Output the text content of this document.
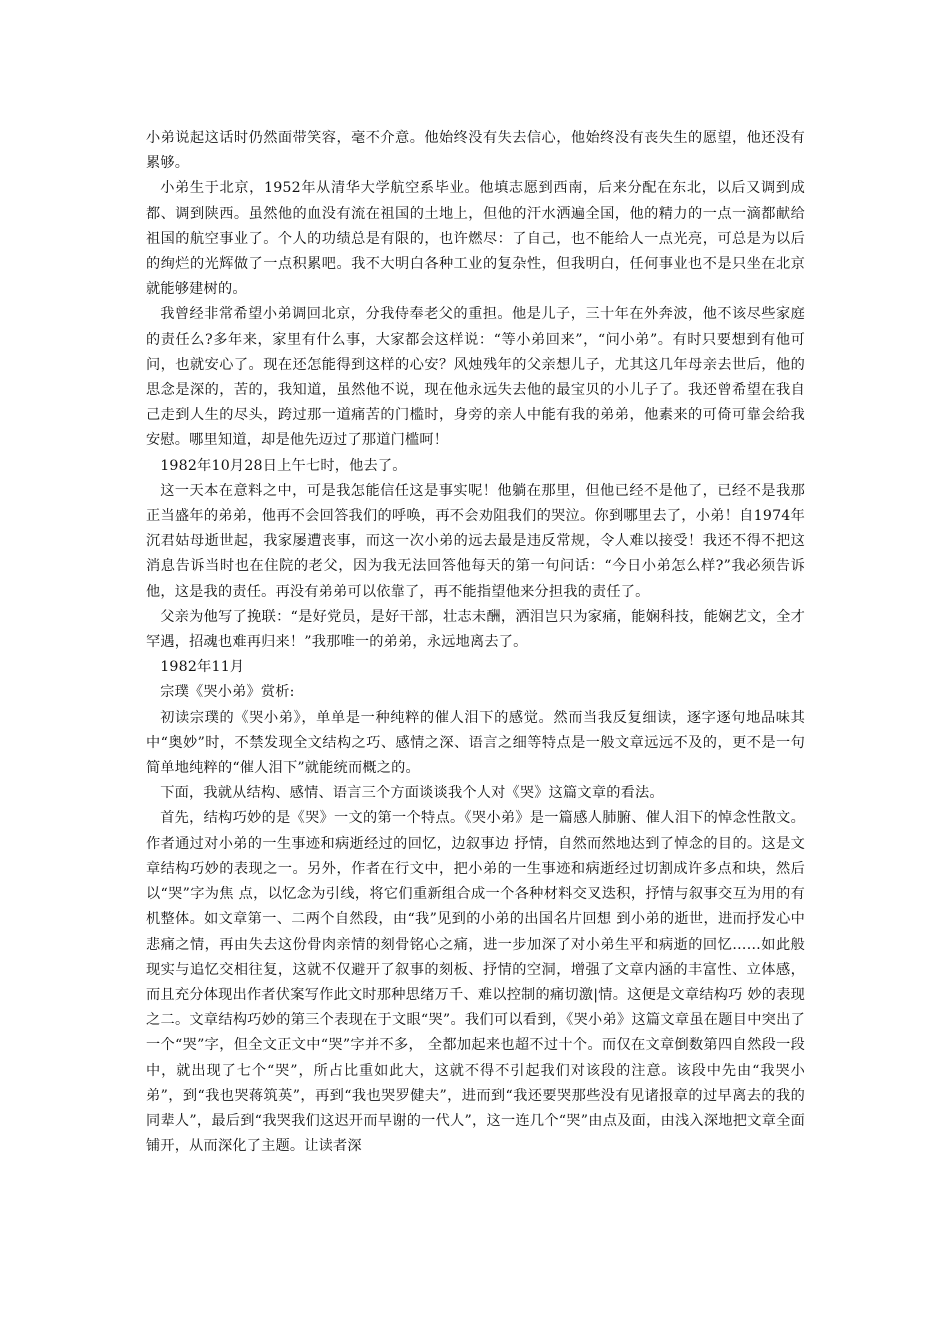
小弟说起这话时仍然面带笑容，毫不介意。他始终没有失去信心，他始终没有丧失生的愿望，他还没有累够。

小弟生于北京，1952年从清华大学航空系毕业。他填志愿到西南，后来分配在东北，以后又调到成都、调到陕西。虽然他的血没有流在祖国的土地上，但他的汗水洒遍全国，他的精力的一点一滴都献给祖国的航空事业了。个人的功绩总是有限的，也许燃尽：了自己，也不能给人一点光亮，可总是为以后的绚烂的光辉做了一点积累吧。我不大明白各种工业的复杂性，但我明白，任何事业也不是只坐在北京就能够建树的。

我曾经非常希望小弟调回北京，分我侍奉老父的重担。他是儿子，三十年在外奔波，他不该尽些家庭的责任么?多年来，家里有什么事，大家都会这样说：“等小弟回来”，“问小弟”。有时只要想到有他可问，也就安心了。现在还怎能得到这样的心安？风烛残年的父亲想儿子，尤其这几年母亲去世后，他的思念是深的，苦的，我知道，虽然他不说，现在他永远失去他的最宝贝的小儿子了。我还曾希望在我自己走到人生的尽头，跨过那一道痛苦的门槛时，身旁的亲人中能有我的弟弟，他素来的可倚可靠会给我安慰。哪里知道，却是他先迈过了那道门槛呵！

1982年10月28日上午七时，他去了。

这一天本在意料之中，可是我怎能信任这是事实呢！他躺在那里，但他已经不是他了，已经不是我那正当盛年的弟弟，他再不会回答我们的呼唤，再不会劝阻我们的哭泣。你到哪里去了，小弟！自1974年沉君姑母逝世起，我家屡遭丧事，而这一次小弟的远去最是违反常规，令人难以接受！我还不得不把这消息告诉当时也在住院的老父，因为我无法回答他每天的第一句问话：“今日小弟怎么样?”我必须告诉他，这是我的责任。再没有弟弟可以依靠了，再不能指望他来分担我的责任了。

父亲为他写了挽联：“是好党员，是好干部，壮志未酬，洒泪岂只为家痛，能娴科技，能娴艺文，全才罕遇，招魂也难再归来！”我那唯一的弟弟，永远地离去了。

1982年11月

宗璞《哭小弟》赏析:

初读宗璞的《哭小弟》，单单是一种纯粹的催人泪下的感觉。然而当我反复细读，逐字逐句地品味其中“奥妙”时，不禁发现全文结构之巧、感情之深、语言之细等特点是一般文章远远不及的，更不是一句简单地纯粹的“催人泪下”就能统而概之的。

下面，我就从结构、感情、语言三个方面谈谈我个人对《哭》这篇文章的看法。

首先，结构巧妙的是《哭》一文的第一个特点。《哭小弟》是一篇感人肺腑、催人泪下的悼念性散文。作者通过对小弟的一生事迹和病逝经过的回忆，边叙事边 抒情，自然而然地达到了悼念的目的。这是文章结构巧妙的表现之一。另外，作者在行文中，把小弟的一生事迹和病逝经过切割成许多点和块，然后以“哭”字为焦 点，以忆念为引线，将它们重新组合成一个各种材料交叉迭积，抒情与叙事交互为用的有机整体。如文章第一、二两个自然段，由“我”见到的小弟的出国名片回想 到小弟的逝世，进而抒发心中悲痛之情，再由失去这份骨肉亲情的刻骨铭心之痛，进一步加深了对小弟生平和病逝的回忆……如此般现实与追忆交相往复，这就不仅避开了叙事的刻板、抒情的空洞，增强了文章内涵的丰富性、立体感，而且充分体现出作者伏案写作此文时那种思绪万千、难以控制的痛切激|情。这便是文章结构巧 妙的表现之二。文章结构巧妙的第三个表现在于文眼“哭”。我们可以看到，《哭小弟》这篇文章虽在题目中突出了一个“哭”字，但全文正文中“哭”字并不多， 全都加起来也超不过十个。而仅在文章倒数第四自然段一段中，就出现了七个“哭”，所占比重如此大，这就不得不引起我们对该段的注意。该段中先由“我哭小 弟”，到“我也哭蒋筑英”，再到“我也哭罗健夫”，进而到“我还要哭那些没有见诸报章的过早离去的我的同辈人”，最后到“我哭我们这迟开而早谢的一代人”，这一连几个“哭”由点及面，由浅入深地把文章全面铺开，从而深化了主题。让读者深
